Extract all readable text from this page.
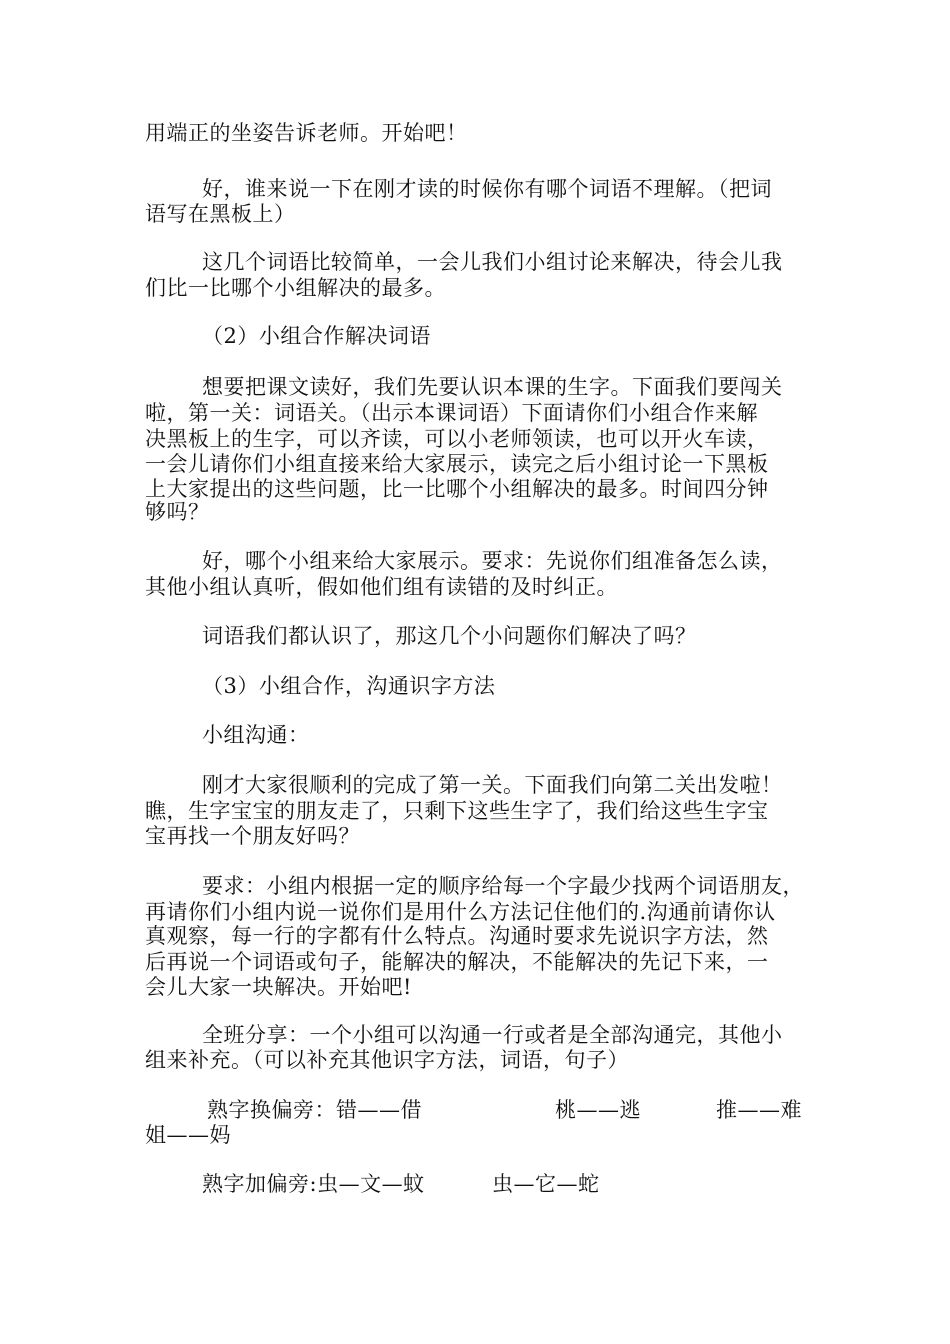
用端正的坐姿告诉老师。开始吧！
好，谁来说一下在刚才读的时候你有哪个词语不理解。（把词
语写在黑板上）
这几个词语比较简单，一会儿我们小组讨论来解决，待会儿我
们比一比哪个小组解决的最多。
（2）小组合作解决词语
想要把课文读好，我们先要认识本课的生字。下面我们要闯关
啦，第一关：词语关。（出示本课词语）下面请你们小组合作来解
决黑板上的生字，可以齐读，可以小老师领读，也可以开火车读，
一会儿请你们小组直接来给大家展示，读完之后小组讨论一下黑板
上大家提出的这些问题，比一比哪个小组解决的最多。时间四分钟
够吗？
好，哪个小组来给大家展示。要求：先说你们组准备怎么读，
其他小组认真听，假如他们组有读错的及时纠正。
词语我们都认识了，那这几个小问题你们解决了吗？
（3）小组合作，沟通识字方法
小组沟通：
刚才大家很顺利的完成了第一关。下面我们向第二关出发啦！
瞧，生字宝宝的朋友走了，只剩下这些生字了，我们给这些生字宝
宝再找一个朋友好吗？
要求：小组内根据一定的顺序给每一个字最少找两个词语朋友，
再请你们小组内说一说你们是用什么方法记住他们的.沟通前请你认
真观察，每一行的字都有什么特点。沟通时要求先说识字方法，然
后再说一个词语或句子，能解决的解决，不能解决的先记下来，一
会儿大家一块解决。开始吧!
全班分享：一个小组可以沟通一行或者是全部沟通完，其他小
组来补充。（可以补充其他识字方法，词语，句子）
熟字换偏旁：错——借	桃——逃	推——难
姐——妈
熟字加偏旁:虫—文—蚊	虫—它—蛇
